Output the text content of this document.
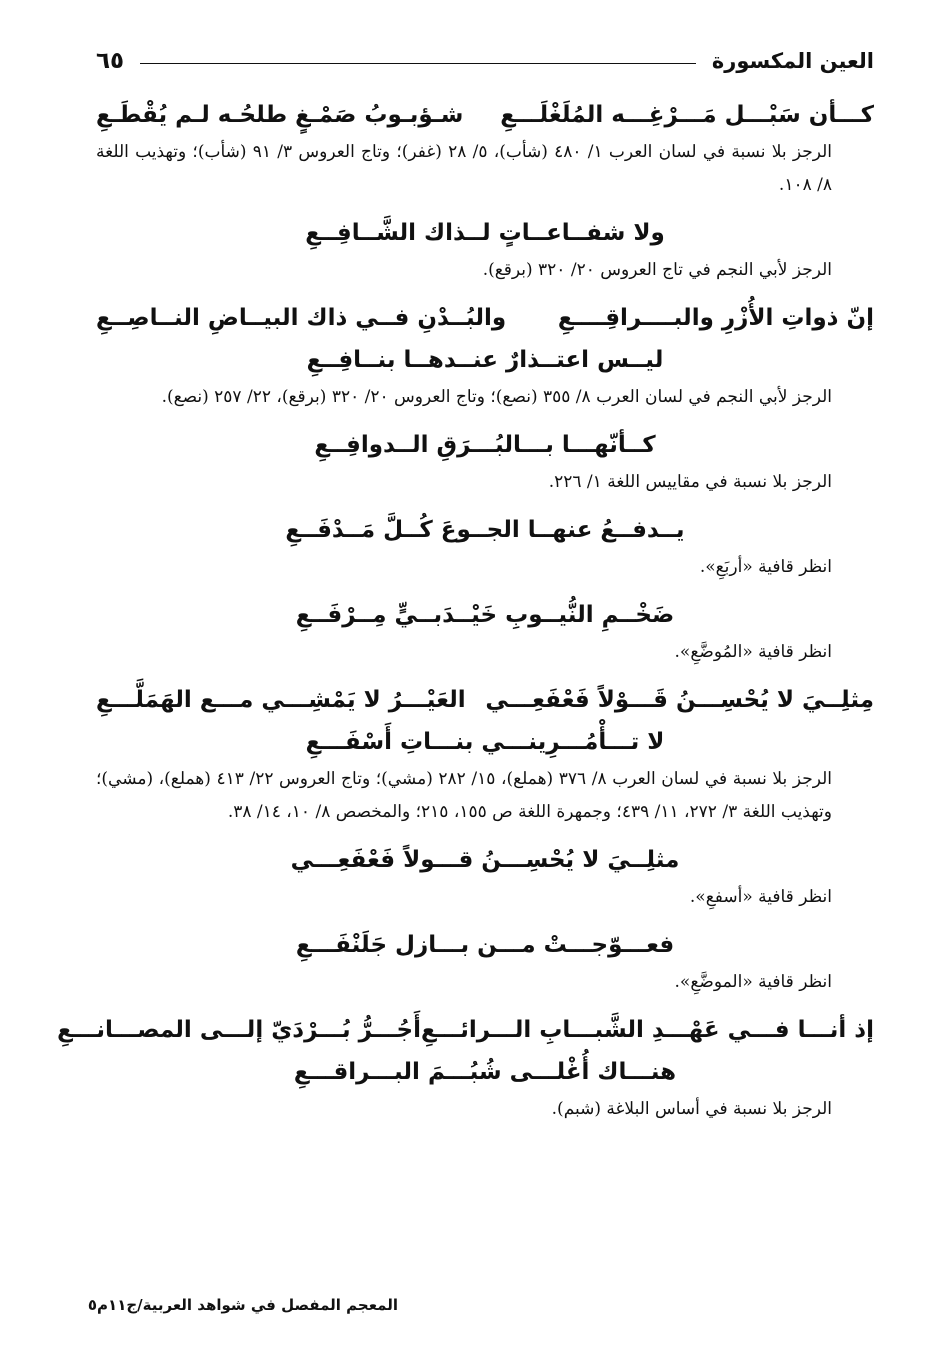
العين المكسورة
٦٥
كـــأن سَبْـــل مَـــرْغِـــه المُلَغْلَـــعِ
شـؤبـوبُ صَمْـغٍ طلحُـه لـم يُقْطَـعِ
الرجز بلا نسبة في لسان العرب ١/ ٤٨٠ (شأب)، ٥/ ٢٨ (غفر)؛ وتاج العروس ٣/ ٩١ (شأب)؛ وتهذيب اللغة ٨/ ١٠٨.
ولا شفــاعــاتٍ لــذاك الشَّــافِــعِ
الرجز لأبي النجم في تاج العروس ٢٠/ ٣٢٠ (برقع).
إنّ ذواتِ الأُزْرِ والبــــراقِــــعِ
والبُــدْنِ فــي ذاك البيــاضِ النــاصِــعِ
ليــس اعتــذارٌ عنــدهــا بنــافِــعِ
الرجز لأبي النجم في لسان العرب ٨/ ٣٥٥ (نصع)؛ وتاج العروس ٢٠/ ٣٢٠ (برقع)، ٢٢/ ٢٥٧ (نصع).
كــأنّهـــا بـــالبُـــرَقِ الــدوافِــعِ
الرجز بلا نسبة في مقاييس اللغة ١/ ٢٢٦.
يــدفــعُ عنهــا الجــوعَ كُــلَّ مَــدْفَــعِ
انظر قافية «أربَعِ».
ضَخْــمِ النُّيــوبِ خَيْــدَبــيٍّ مِــرْفَــعِ
انظر قافية «المُوضَّعِ».
مِثلِــيَ لا يُحْسِـــنُ قَـــوْلاً فَعْفَعِـــي
العَيْـــرُ لا يَمْشِـــي مـــع الهَمَلَّـــعِ
لا تـــأْمُـــرِينـــي بنـــاتِ أَسْفَـــعِ
الرجز بلا نسبة في لسان العرب ٨/ ٣٧٦ (هملع)، ١٥/ ٢٨٢ (مشي)؛ وتاج العروس ٢٢/ ٤١٣ (هملع)، (مشي)؛ وتهذيب اللغة ٣/ ٢٧٢، ١١/ ٤٣٩؛ وجمهرة اللغة ص ١٥٥، ٢١٥؛ والمخصص ٨/ ١٠، ١٤/ ٣٨.
مثلِــيَ لا يُحْسِـــنُ قـــولاً فَعْفَعِـــي
انظر قافية «أسفعِ».
فعـــوّجـــتْ مـــن بـــازل جَلَنْفَـــعِ
انظر قافية «الموضَّعِ».
إذ أنـــا فـــي عَهْـــدِ الشَّبـــابِ الـــرائـــعِ
أَجُـــرُّ بُـــرْدَيّ إلـــى المصـــانـــعِ
هنـــاك أُغْلـــى شُبُـــمَ البـــراقـــعِ
الرجز بلا نسبة في أساس البلاغة (شبم).
المعجم المفصل في شواهد العربية/ج١١م٥
